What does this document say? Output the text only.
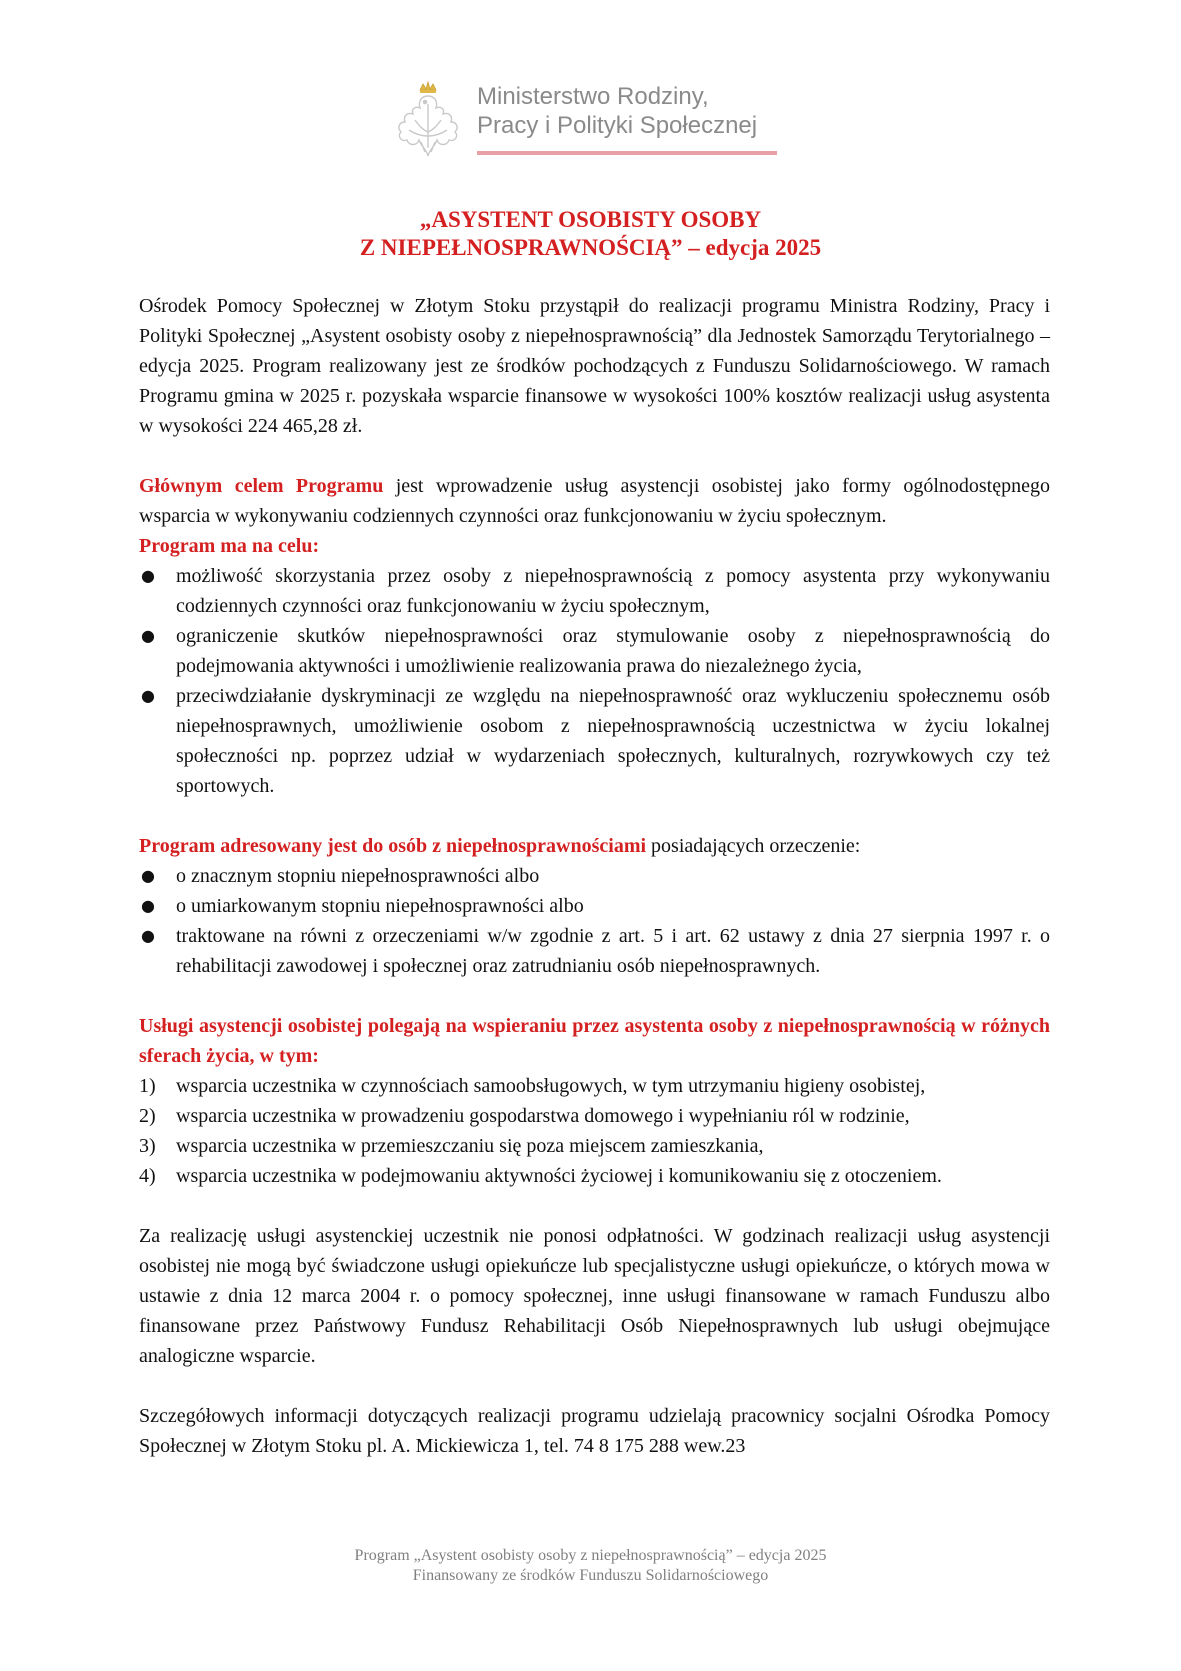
Ministerstwo Rodziny,
Pracy i Polityki Społecznej
„ASYSTENT OSOBISTY OSOBY
Z NIEPEŁNOSPRAWNOŚCIĄ” – edycja 2025

Ośrodek Pomocy Społecznej w Złotym Stoku przystąpił do realizacji programu Ministra Rodziny, Pracy i Polityki Społecznej „Asystent osobisty osoby z niepełnosprawnością” dla Jednostek Samorządu Terytorialnego – edycja 2025. Program realizowany jest ze środków pochodzących z Funduszu Solidarnościowego. W ramach Programu gmina w 2025 r. pozyskała wsparcie finansowe w wysokości 100% kosztów realizacji usług asystenta w wysokości 224 465,28 zł.

Głównym celem Programu jest wprowadzenie usług asystencji osobistej jako formy ogólnodostępnego wsparcia w wykonywaniu codziennych czynności oraz funkcjonowaniu w życiu społecznym.

Program ma na celu:

● możliwość skorzystania przez osoby z niepełnosprawnością z pomocy asystenta przy wykonywaniu codziennych czynności oraz funkcjonowaniu w życiu społecznym,
● ograniczenie skutków niepełnosprawności oraz stymulowanie osoby z niepełnosprawnością do podejmowania aktywności i umożliwienie realizowania prawa do niezależnego życia,
● przeciwdziałanie dyskryminacji ze względu na niepełnosprawność oraz wykluczeniu społecznemu osób niepełnosprawnych, umożliwienie osobom z niepełnosprawnością uczestnictwa w życiu lokalnej społeczności np. poprzez udział w wydarzeniach społecznych, kulturalnych, rozrywkowych czy też sportowych.

Program adresowany jest do osób z niepełnosprawnościami posiadających orzeczenie:

● o znacznym stopniu niepełnosprawności albo
● o umiarkowanym stopniu niepełnosprawności albo
● traktowane na równi z orzeczeniami w/w zgodnie z art. 5 i art. 62 ustawy z dnia 27 sierpnia 1997 r. o rehabilitacji zawodowej i społecznej oraz zatrudnianiu osób niepełnosprawnych.

Usługi asystencji osobistej polegają na wspieraniu przez asystenta osoby z niepełnosprawnością w różnych sferach życia, w tym:

1) wsparcia uczestnika w czynnościach samoobsługowych, w tym utrzymaniu higieny osobistej,
2) wsparcia uczestnika w prowadzeniu gospodarstwa domowego i wypełnianiu ról w rodzinie,
3) wsparcia uczestnika w przemieszczaniu się poza miejscem zamieszkania,
4) wsparcia uczestnika w podejmowaniu aktywności życiowej i komunikowaniu się z otoczeniem.

Za realizację usługi asystenckiej uczestnik nie ponosi odpłatności. W godzinach realizacji usług asystencji osobistej nie mogą być świadczone usługi opiekuńcze lub specjalistyczne usługi opiekuńcze, o których mowa w ustawie z dnia 12 marca 2004 r. o pomocy społecznej, inne usługi finansowane w ramach Funduszu albo finansowane przez Państwowy Fundusz Rehabilitacji Osób Niepełnosprawnych lub usługi obejmujące analogiczne wsparcie.

Szczegółowych informacji dotyczących realizacji programu udzielają pracownicy socjalni Ośrodka Pomocy Społecznej w Złotym Stoku pl. A. Mickiewicza 1, tel. 74 8 175 288 wew.23

Program „Asystent osobisty osoby z niepełnosprawnością” – edycja 2025
Finansowany ze środków Funduszu Solidarnościowego
